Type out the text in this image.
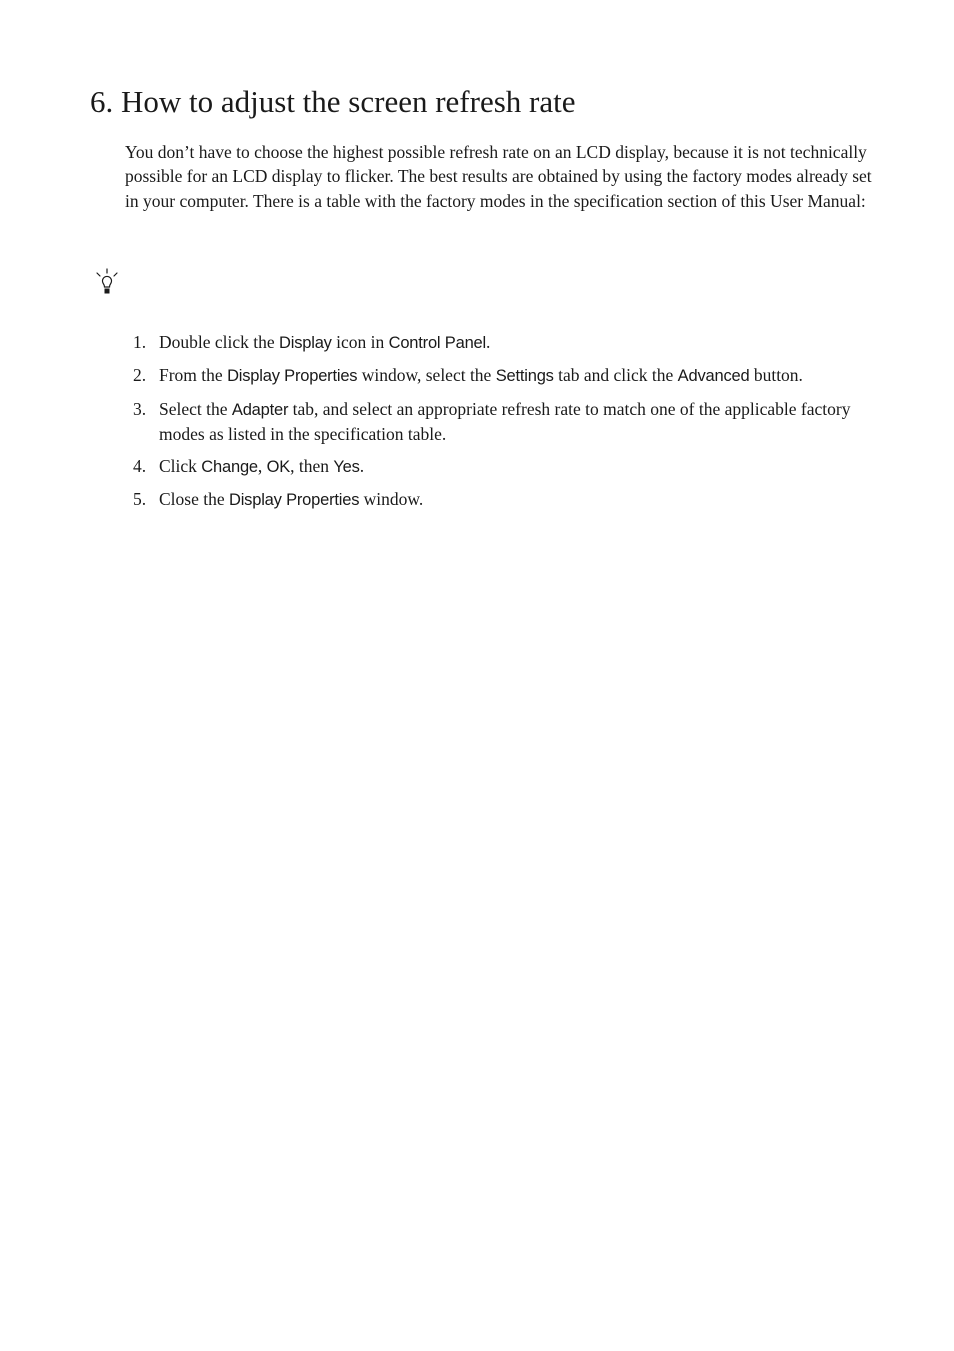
6. How to adjust the screen refresh rate

You don’t have to choose the highest possible refresh rate on an LCD display, because it is not technically possible for an LCD display to flicker. The best results are obtained by using the factory modes already set in your computer. There is a table with the factory modes in the specification section of this User Manual:

1. Double click the Display icon in Control Panel.
2. From the Display Properties window, select the Settings tab and click the Advanced button.
3. Select the Adapter tab, and select an appropriate refresh rate to match one of the applicable factory modes as listed in the specification table.
4. Click Change, OK, then Yes.
5. Close the Display Properties window.
